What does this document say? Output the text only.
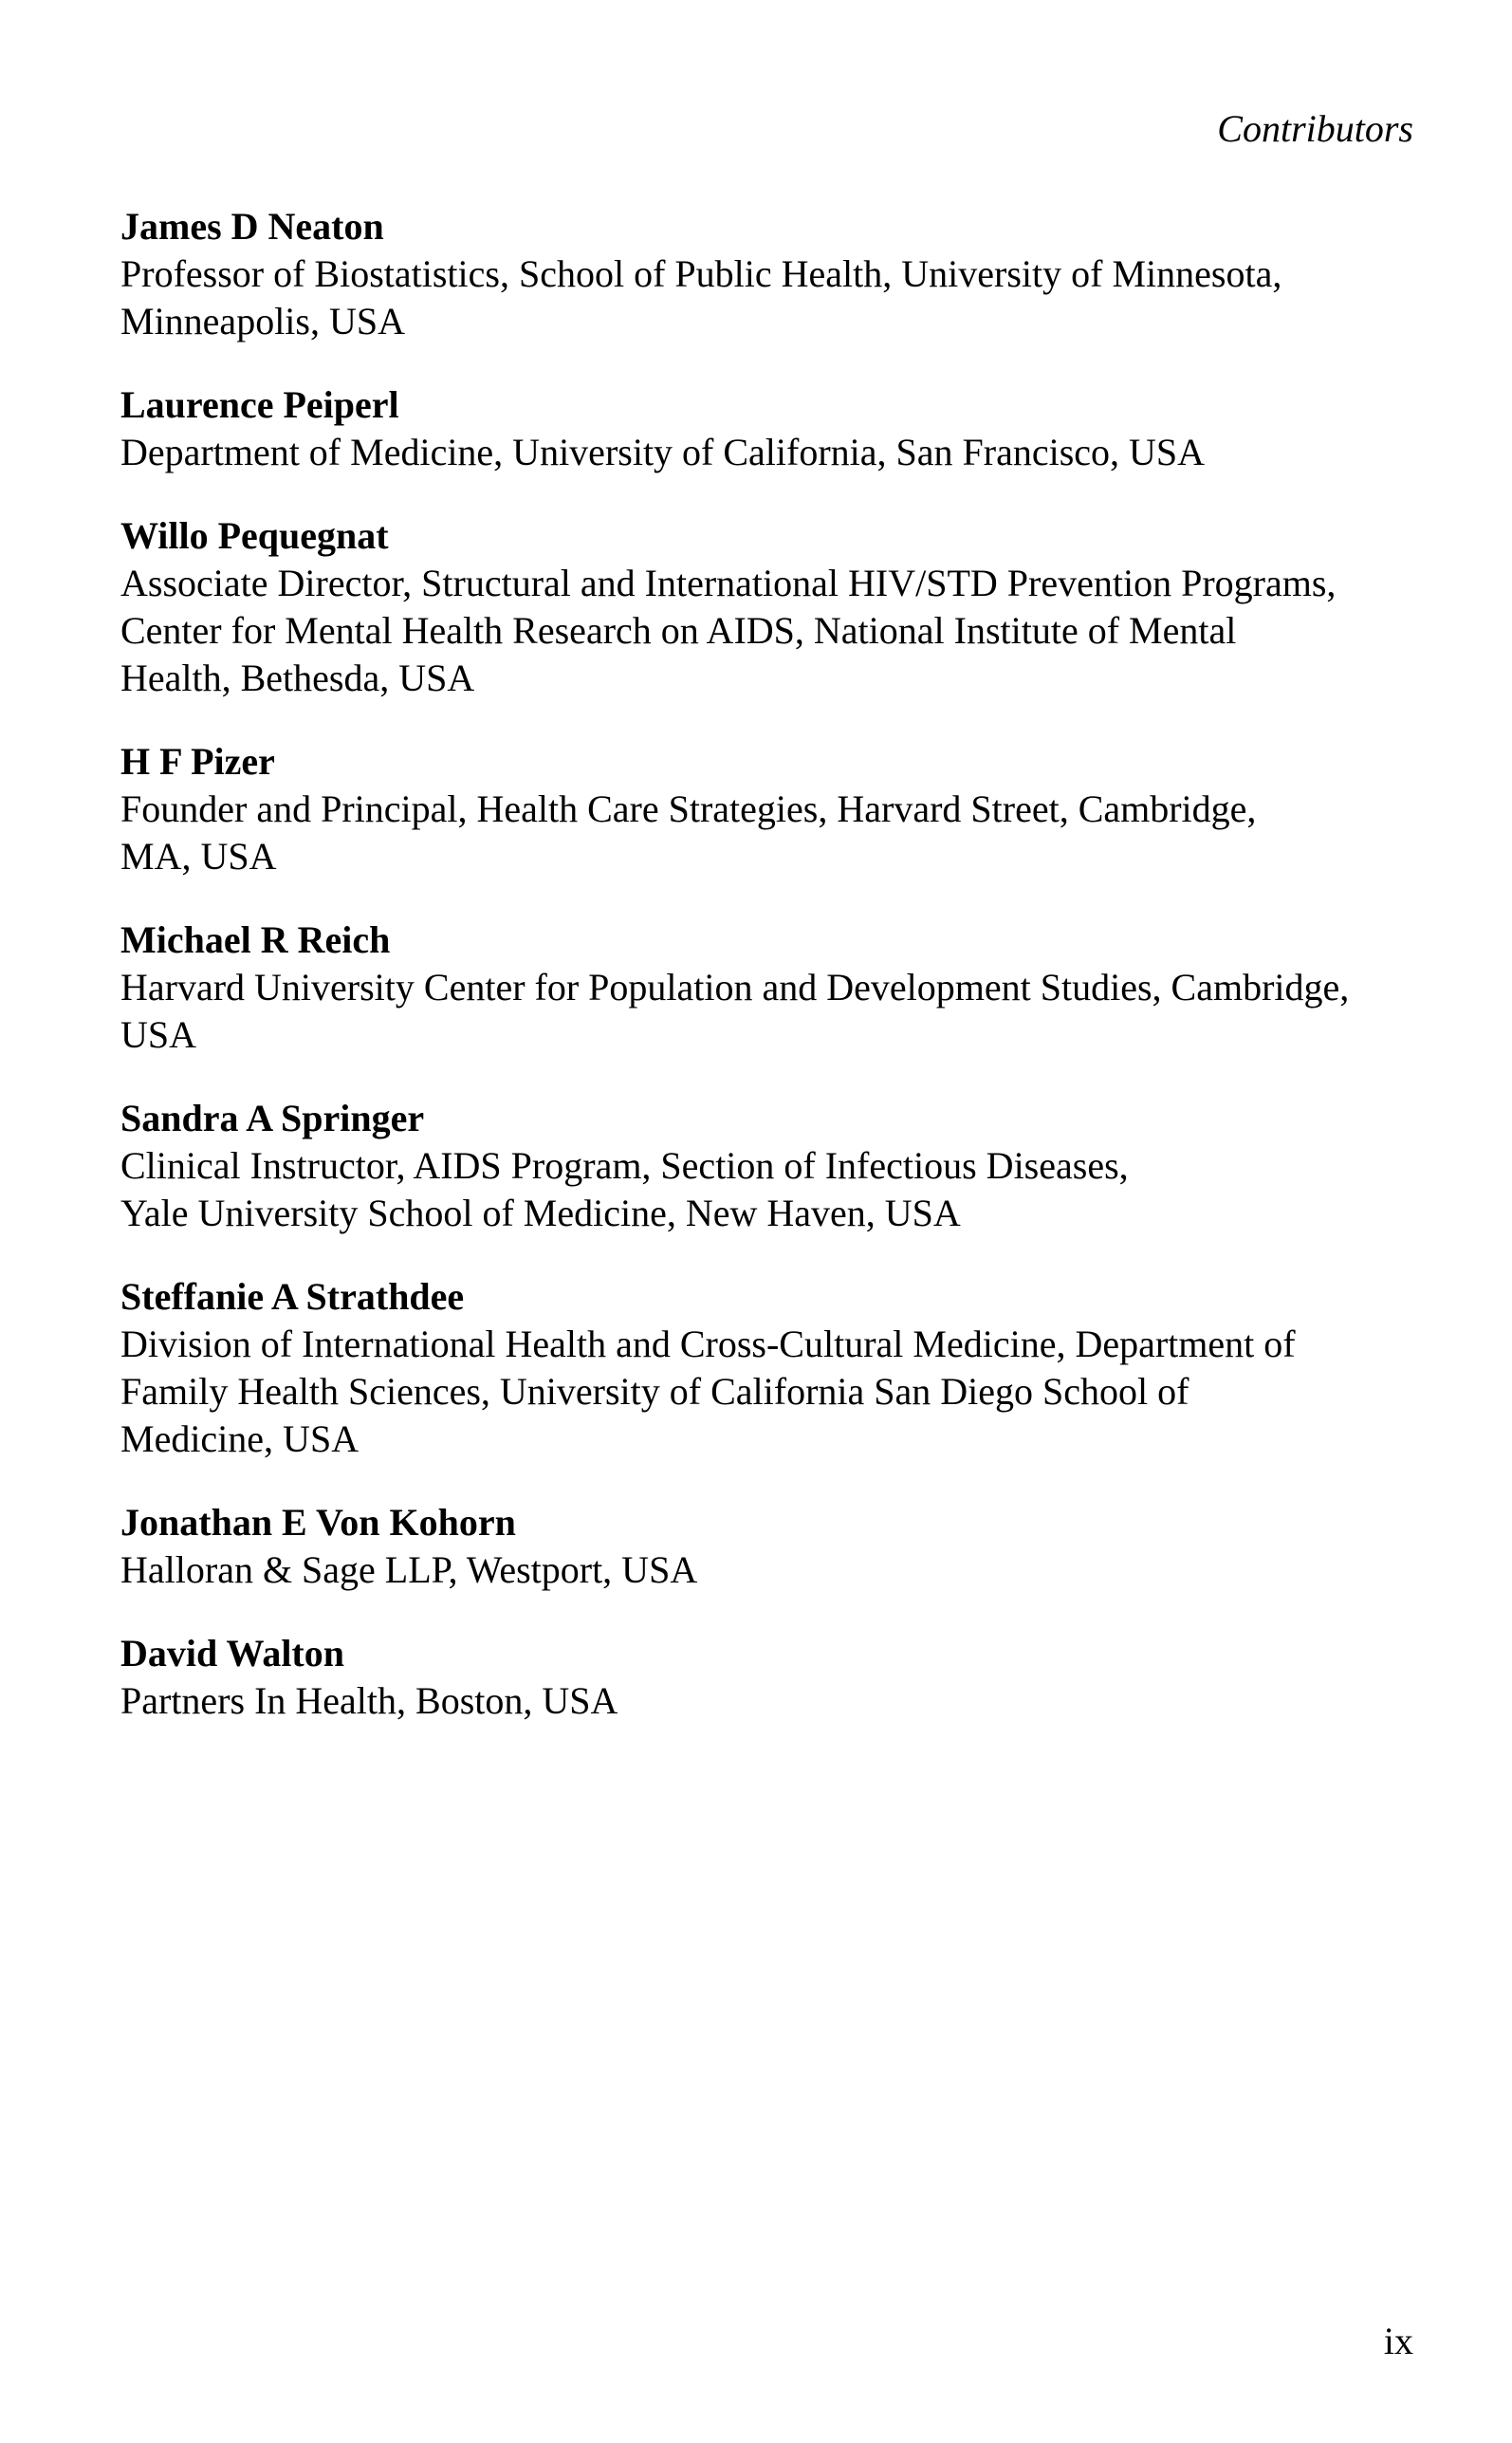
Contributors
James D Neaton
Professor of Biostatistics, School of Public Health, University of Minnesota,
Minneapolis, USA
Laurence Peiperl
Department of Medicine, University of California, San Francisco, USA
Willo Pequegnat
Associate Director, Structural and International HIV/STD Prevention Programs,
Center for Mental Health Research on AIDS, National Institute of Mental
Health, Bethesda, USA
H F Pizer
Founder and Principal, Health Care Strategies, Harvard Street, Cambridge,
MA, USA
Michael R Reich
Harvard University Center for Population and Development Studies, Cambridge,
USA
Sandra A Springer
Clinical Instructor, AIDS Program, Section of Infectious Diseases,
Yale University School of Medicine, New Haven, USA
Steffanie A Strathdee
Division of International Health and Cross-Cultural Medicine, Department of
Family Health Sciences, University of California San Diego School of
Medicine, USA
Jonathan E Von Kohorn
Halloran & Sage LLP, Westport, USA
David Walton
Partners In Health, Boston, USA
ix
